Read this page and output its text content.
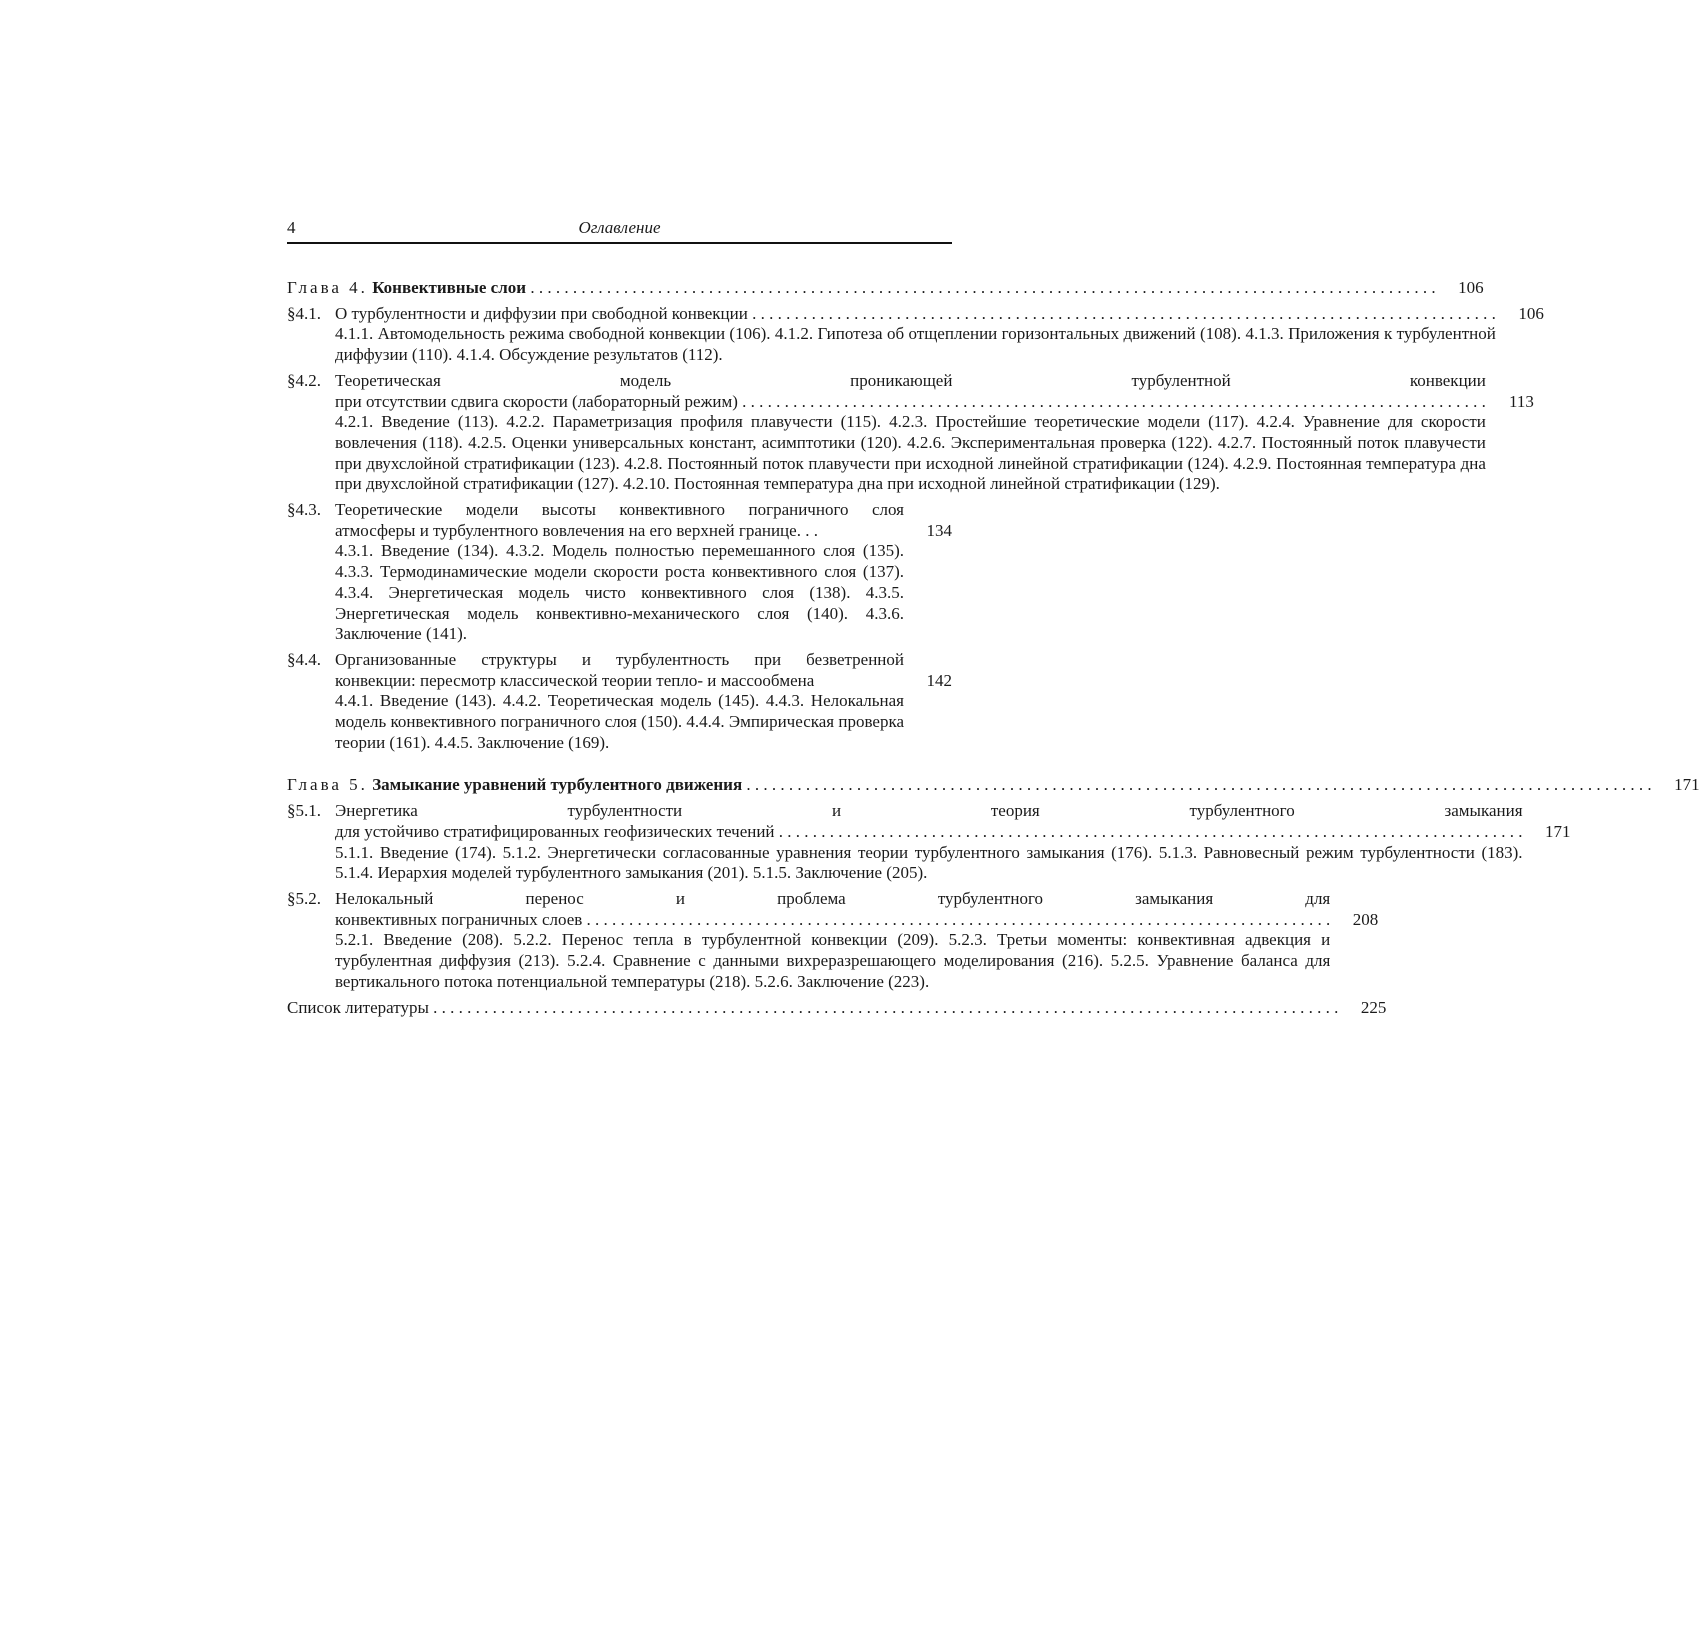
4	Оглавление
Глава 4. Конвективные слои . . .	106
§4.1. О турбулентности и диффузии при свободной конвекции . . .	106
4.1.1. Автомодельность режима свободной конвекции (106). 4.1.2. Гипотеза об отщеплении горизонтальных движений (108). 4.1.3. Приложения к турбулентной диффузии (110). 4.1.4. Обсуждение результатов (112).
§4.2. Теоретическая модель проникающей турбулентной конвекции
при отсутствии сдвига скорости (лабораторный режим) . . .	113
4.2.1. Введение (113). 4.2.2. Параметризация профиля плавучести (115). 4.2.3. Простейшие теоретические модели (117). 4.2.4. Уравнение для скорости вовлечения (118). 4.2.5. Оценки универсальных констант, асимптотики (120). 4.2.6. Экспериментальная проверка (122). 4.2.7. Постоянный поток плавучести при двухслойной стратификации (123). 4.2.8. Постоянный поток плавучести при исходной линейной стратификации (124). 4.2.9. Постоянная температура дна при двухслойной стратификации (127). 4.2.10. Постоянная температура дна при исходной линейной стратификации (129).
§4.3. Теоретические модели высоты конвективного пограничного слоя
атмосферы и турбулентного вовлечения на его верхней границе. . .	134
4.3.1. Введение (134). 4.3.2. Модель полностью перемешанного слоя (135). 4.3.3. Термодинамические модели скорости роста конвективного слоя (137). 4.3.4. Энергетическая модель чисто конвективного слоя (138). 4.3.5. Энергетическая модель конвективно-механического слоя (140). 4.3.6. Заключение (141).
§4.4. Организованные структуры и турбулентность при безветренной
конвекции: пересмотр классической теории тепло- и массообмена	142
4.4.1. Введение (143). 4.4.2. Теоретическая модель (145). 4.4.3. Нелокальная модель конвективного пограничного слоя (150). 4.4.4. Эмпирическая проверка теории (161). 4.4.5. Заключение (169).
Глава 5. Замыкание уравнений турбулентного движения . . .	171
§5.1. Энергетика турбулентности и теория турбулентного замыкания
для устойчиво стратифицированных геофизических течений . . .	171
5.1.1. Введение (174). 5.1.2. Энергетически согласованные уравнения теории турбулентного замыкания (176). 5.1.3. Равновесный режим турбулентности (183). 5.1.4. Иерархия моделей турбулентного замыкания (201). 5.1.5. Заключение (205).
§5.2. Нелокальный перенос и проблема турбулентного замыкания для
конвективных пограничных слоев . . .	208
5.2.1. Введение (208). 5.2.2. Перенос тепла в турбулентной конвекции (209). 5.2.3. Третьи моменты: конвективная адвекция и турбулентная диффузия (213). 5.2.4. Сравнение с данными вихреразрешающего моделирования (216). 5.2.5. Уравнение баланса для вертикального потока потенциальной температуры (218). 5.2.6. Заключение (223).
Список литературы . . .	225
